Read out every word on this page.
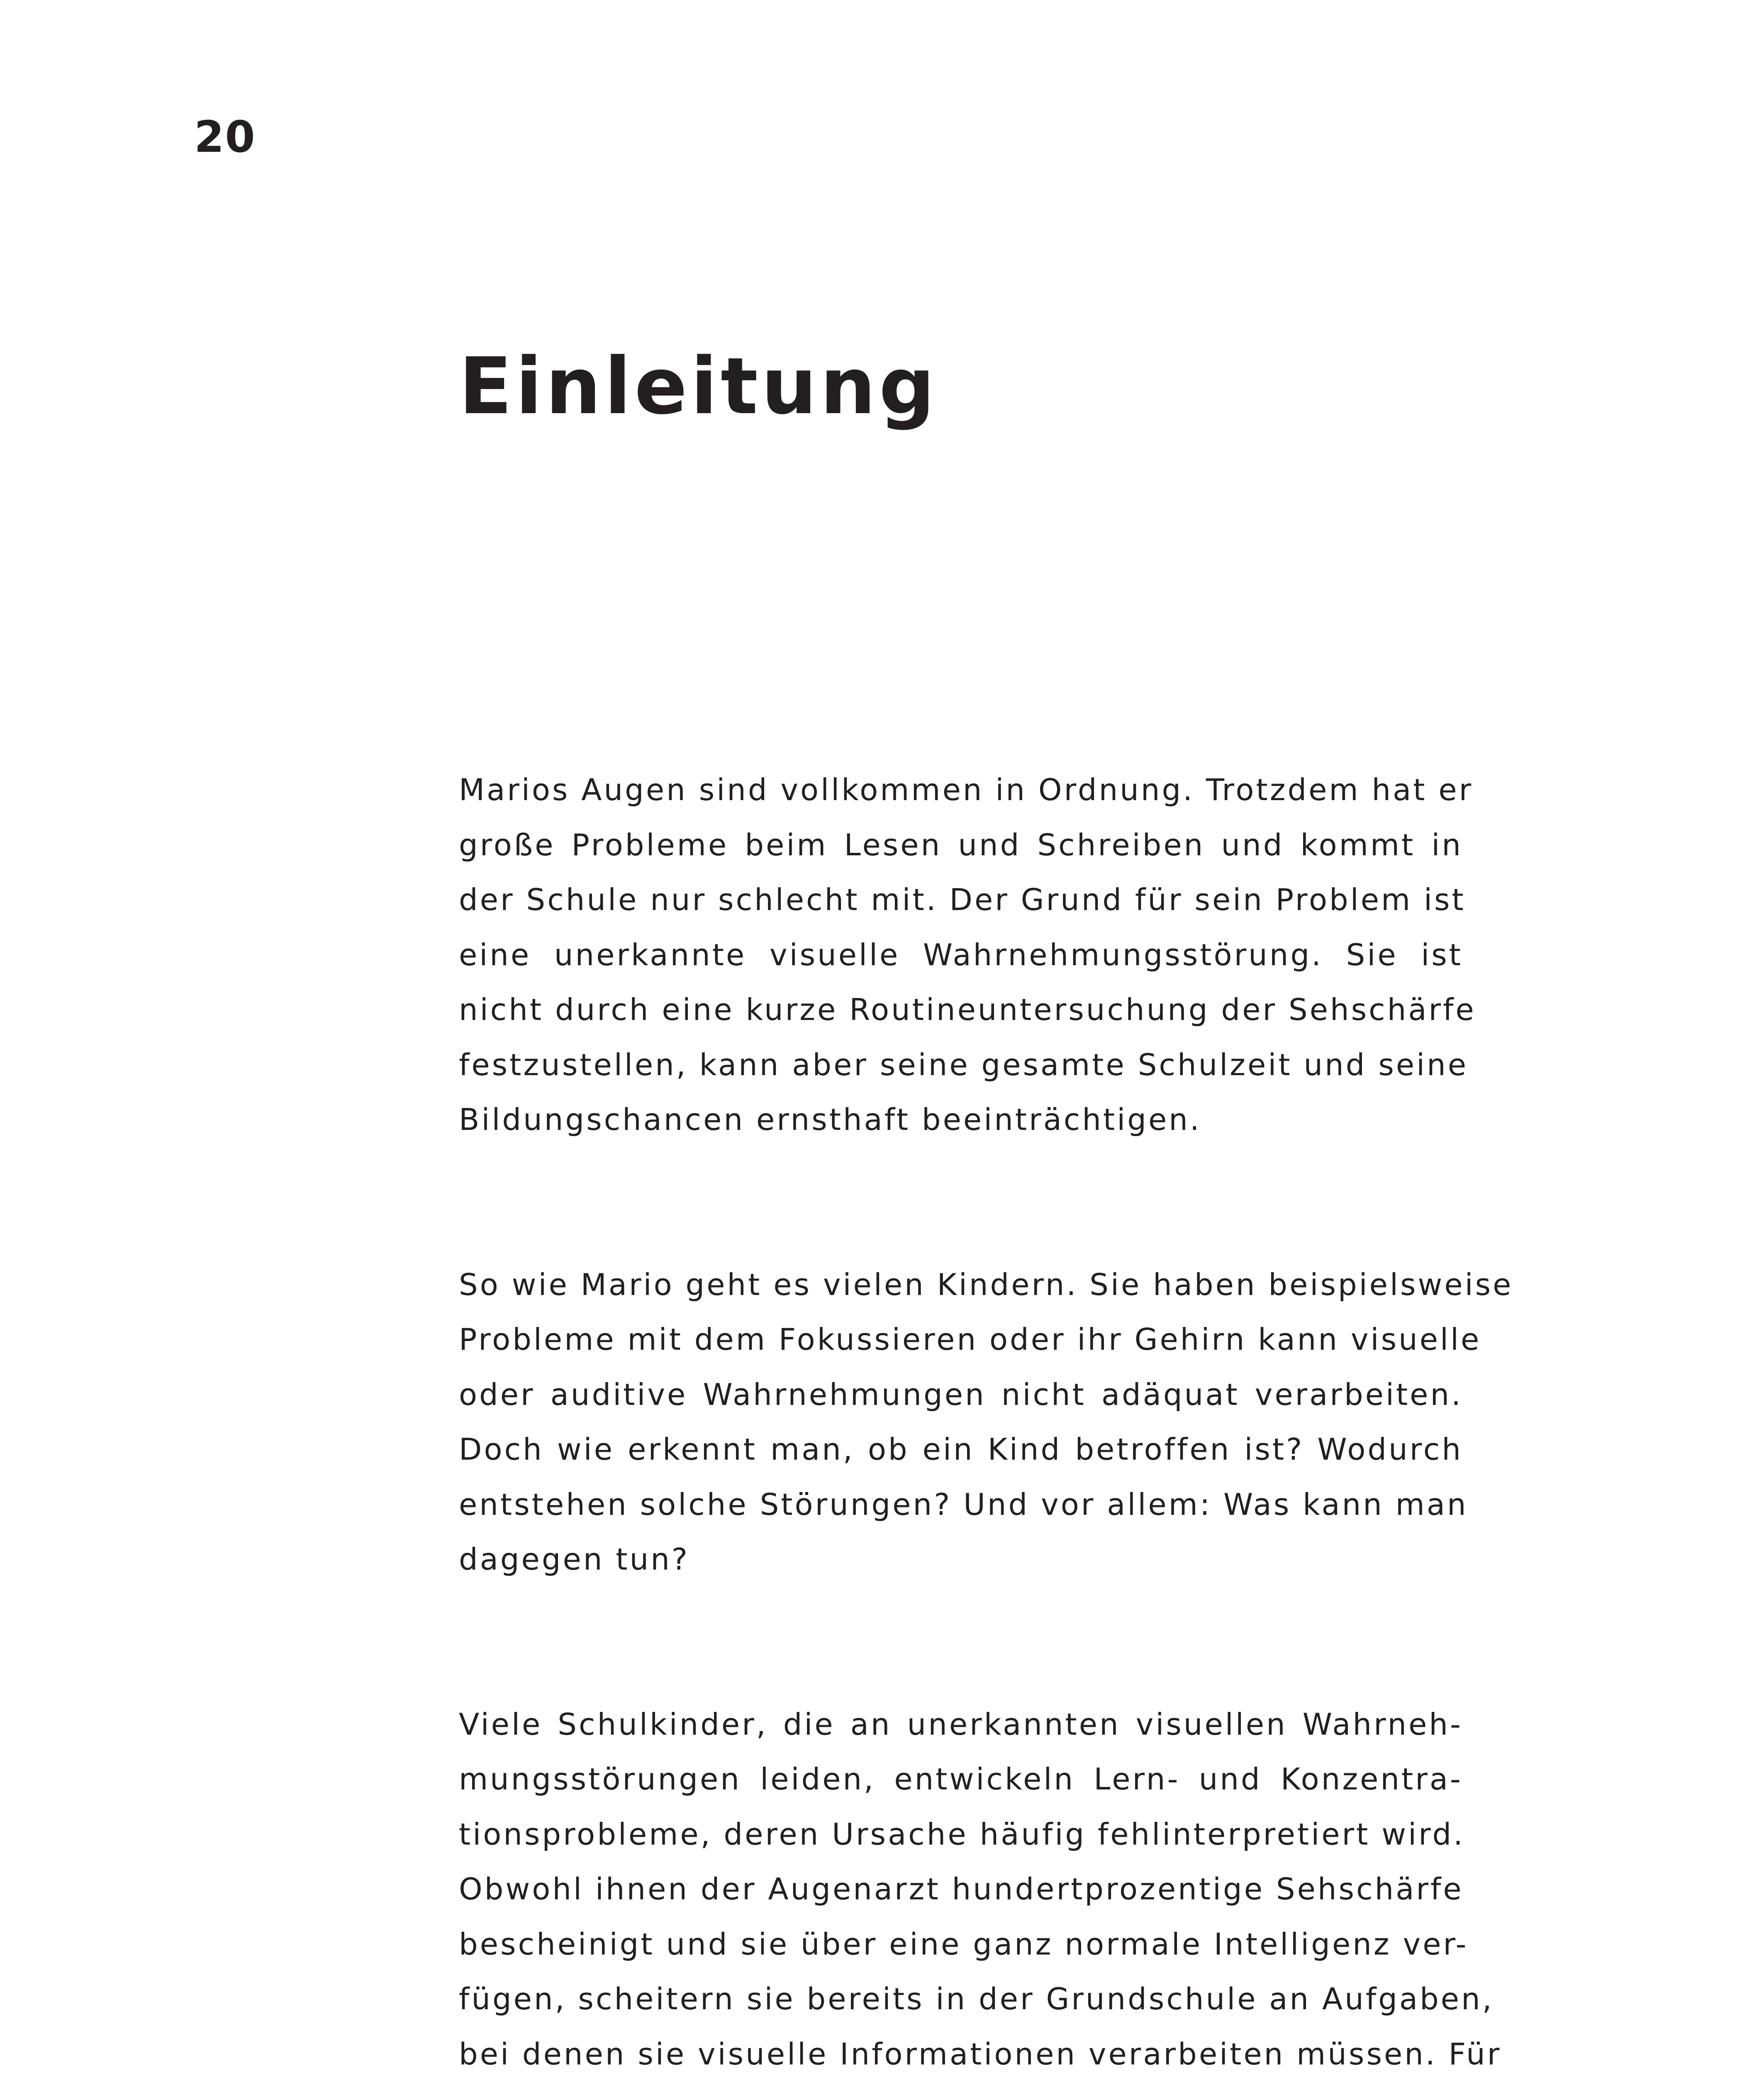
20
Einleitung

Marios Augen sind vollkommen in Ordnung. Trotzdem hat er
große Probleme beim Lesen und Schreiben und kommt in
der Schule nur schlecht mit. Der Grund für sein Problem ist
eine unerkannte visuelle Wahrnehmungsstörung. Sie ist
nicht durch eine kurze Routineuntersuchung der Sehschärfe
festzustellen, kann aber seine gesamte Schulzeit und seine
Bildungschancen ernsthaft beeinträchtigen.

So wie Mario geht es vielen Kindern. Sie haben beispielsweise
Probleme mit dem Fokussieren oder ihr Gehirn kann visuelle
oder auditive Wahrnehmungen nicht adäquat verarbeiten.
Doch wie erkennt man, ob ein Kind betroffen ist? Wodurch
entstehen solche Störungen? Und vor allem: Was kann man
dagegen tun?

Viele Schulkinder, die an unerkannten visuellen Wahrneh-
mungsstörungen leiden, entwickeln Lern- und Konzentra-
tionsprobleme, deren Ursache häufig fehlinterpretiert wird.
Obwohl ihnen der Augenarzt hundertprozentige Sehschärfe
bescheinigt und sie über eine ganz normale Intelligenz ver-
fügen, scheitern sie bereits in der Grundschule an Aufgaben,
bei denen sie visuelle Informationen verarbeiten müssen. Für
